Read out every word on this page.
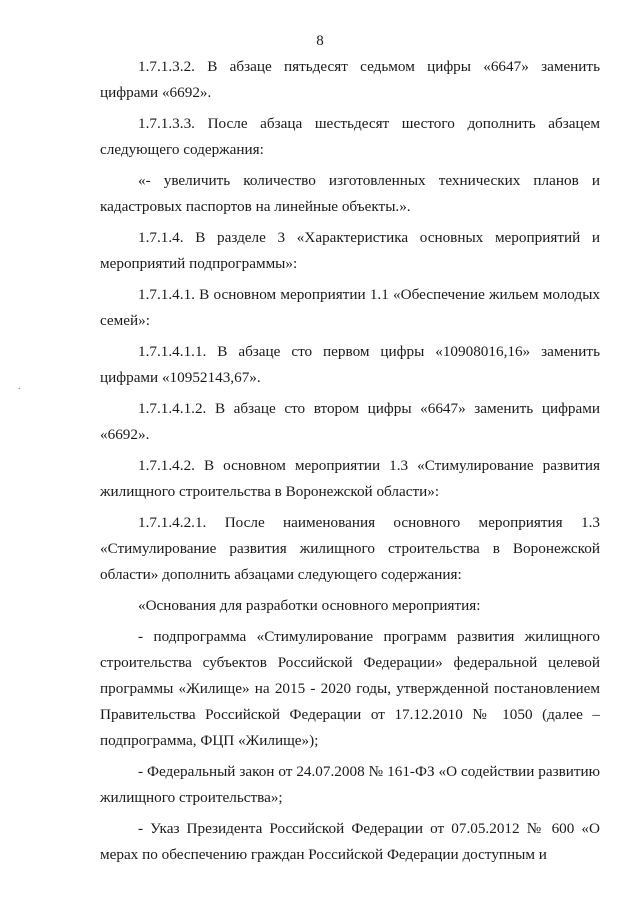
8
.

1.7.1.3.2. В абзаце пятьдесят седьмом цифры «6647» заменить цифрами «6692».

1.7.1.3.3. После абзаца шестьдесят шестого дополнить абзацем следующего содержания:

«- увеличить количество изготовленных технических планов и кадастровых паспортов на линейные объекты.».

1.7.1.4. В разделе 3 «Характеристика основных мероприятий и мероприятий подпрограммы»:

1.7.1.4.1. В основном мероприятии 1.1 «Обеспечение жильем молодых семей»:

1.7.1.4.1.1. В абзаце сто первом цифры «10908016,16» заменить цифрами «10952143,67».

1.7.1.4.1.2. В абзаце сто втором цифры «6647» заменить цифрами «6692».

1.7.1.4.2. В основном мероприятии 1.3 «Стимулирование развития жилищного строительства в Воронежской области»:

1.7.1.4.2.1. После наименования основного мероприятия 1.3 «Стимулирование развития жилищного строительства в Воронежской области» дополнить абзацами следующего содержания:

«Основания для разработки основного мероприятия:

- подпрограмма «Стимулирование программ развития жилищного строительства субъектов Российской Федерации» федеральной целевой программы «Жилище» на 2015 - 2020 годы, утвержденной постановлением Правительства Российской Федерации от 17.12.2010 № 1050 (далее – подпрограмма, ФЦП «Жилище»);

- Федеральный закон от 24.07.2008 № 161-ФЗ «О содействии развитию жилищного строительства»;

- Указ Президента Российской Федерации от 07.05.2012 № 600 «О мерах по обеспечению граждан Российской Федерации доступным и
